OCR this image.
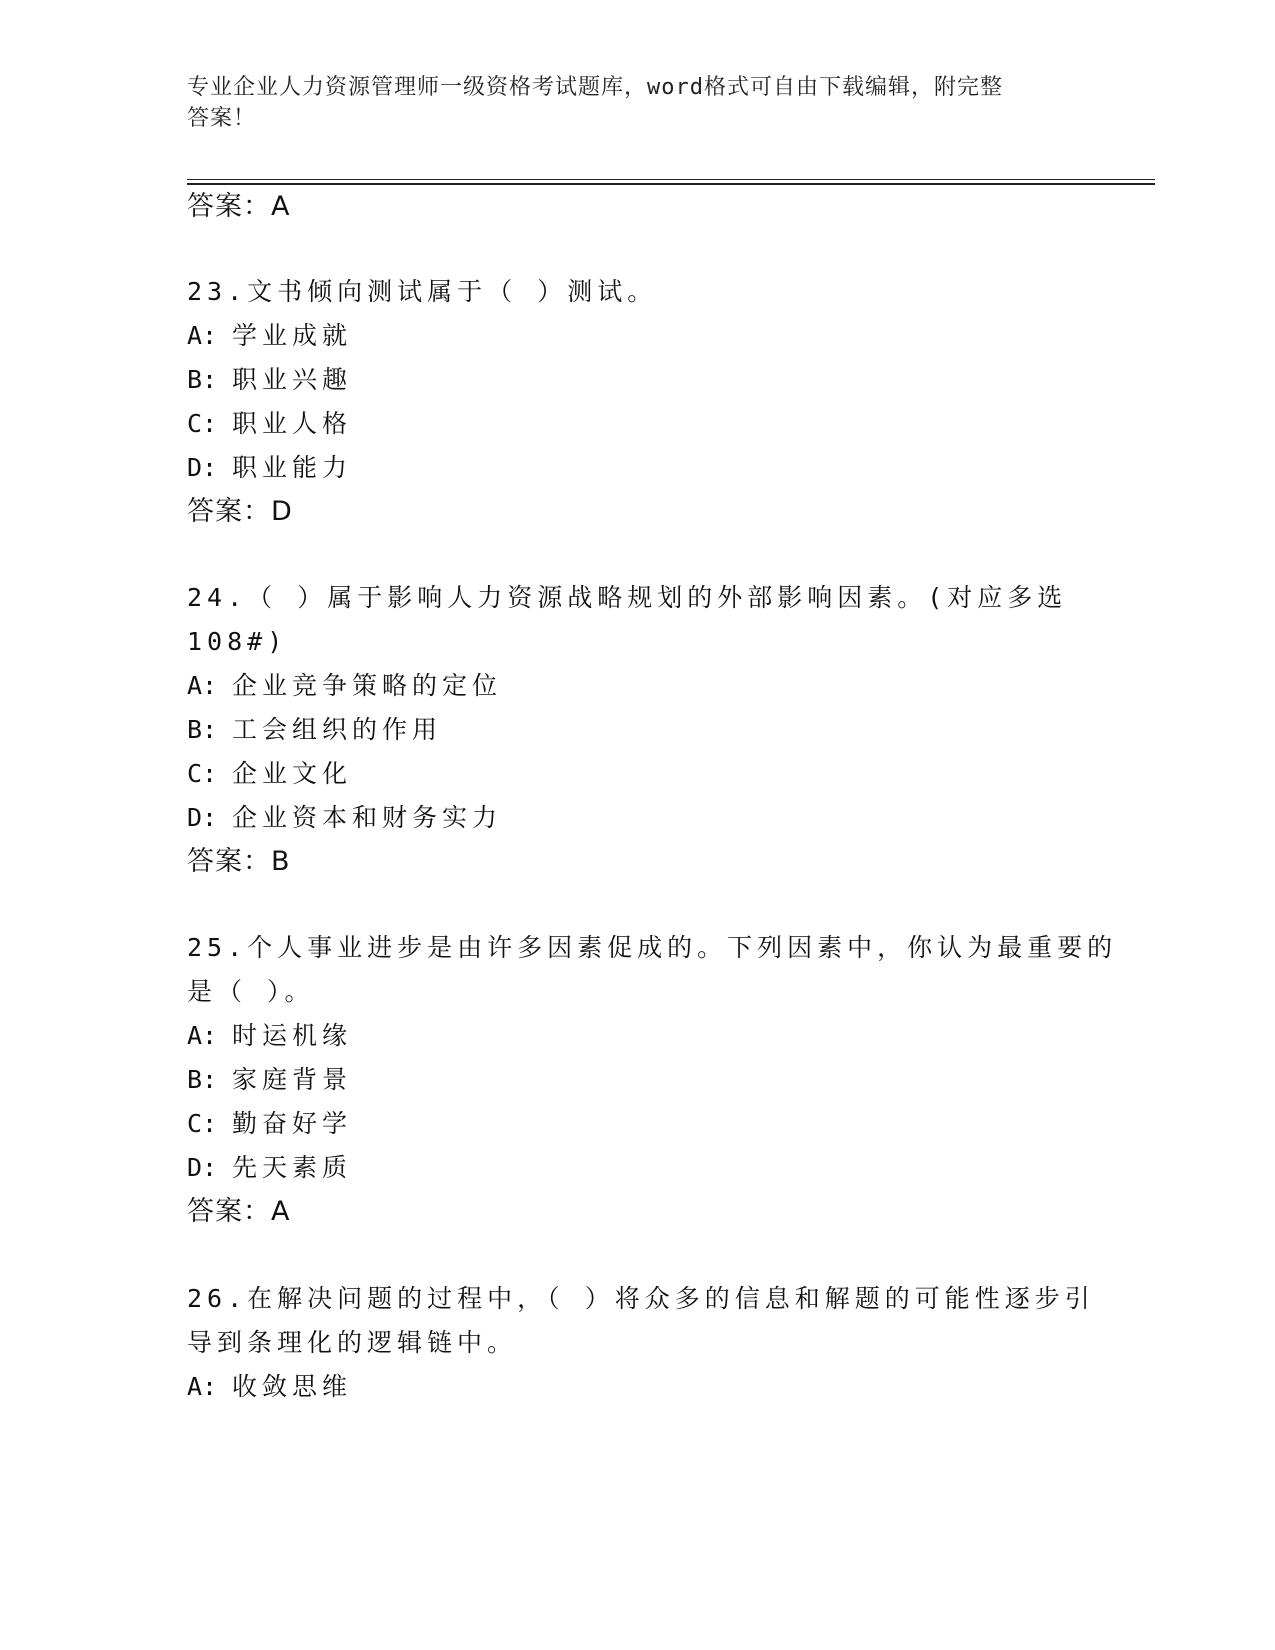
专业企业人力资源管理师一级资格考试题库，word格式可自由下载编辑，附完整
答案！
答案：A
23.文书倾向测试属于（ ）测试。
A: 学业成就
B: 职业兴趣
C: 职业人格
D: 职业能力
答案：D
24.（ ）属于影响人力资源战略规划的外部影响因素。(对应多选
108#)
A: 企业竞争策略的定位
B: 工会组织的作用
C: 企业文化
D: 企业资本和财务实力
答案：B
25.个人事业进步是由许多因素促成的。下列因素中，你认为最重要的
是（ ）。
A: 时运机缘
B: 家庭背景
C: 勤奋好学
D: 先天素质
答案：A
26.在解决问题的过程中，（ ）将众多的信息和解题的可能性逐步引
导到条理化的逻辑链中。
A: 收敛思维
